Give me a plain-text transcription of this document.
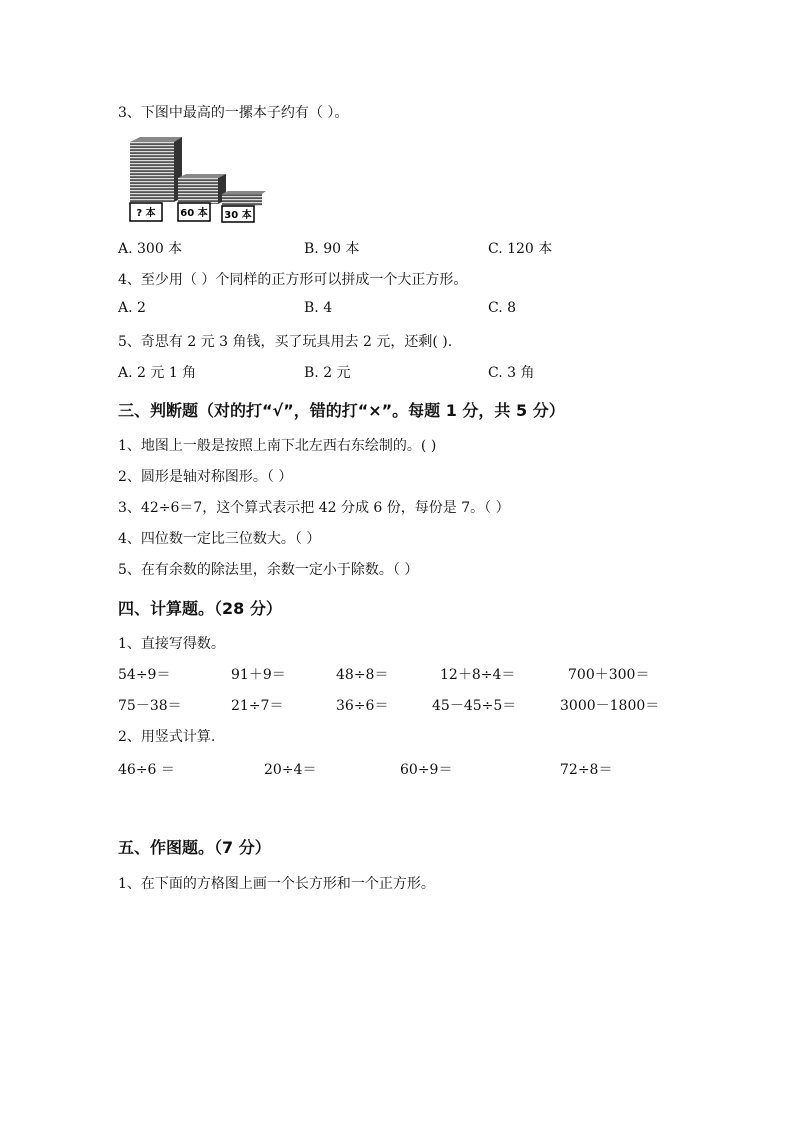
3、下图中最高的一摞本子约有（ ）。
? 本 60 本 30 本
A. 300 本	B. 90 本	C. 120 本
4、至少用（ ）个同样的正方形可以拼成一个大正方形。
A. 2	B. 4	C. 8
5、奇思有 2 元 3 角钱，买了玩具用去 2 元，还剩( ).
A. 2 元 1 角	B. 2 元	C. 3 角
三、判断题（对的打“√”，错的打“×”。每题 1 分，共 5 分）
1、地图上一般是按照上南下北左西右东绘制的。( )
2、圆形是轴对称图形。（ ）
3、42÷6＝7，这个算式表示把 42 分成 6 份，每份是 7。（ ）
4、四位数一定比三位数大。（ ）
5、在有余数的除法里，余数一定小于除数。（ ）
四、计算题。（28 分）
1、直接写得数。
54÷9＝	91＋9＝	48÷8＝	12＋8÷4＝	700＋300＝
75－38＝	21÷7＝	36÷6＝	45－45÷5＝	3000－1800＝
2、用竖式计算.
46÷6 ＝	20÷4＝	60÷9＝	72÷8＝
五、作图题。（7 分）
1、在下面的方格图上画一个长方形和一个正方形。
